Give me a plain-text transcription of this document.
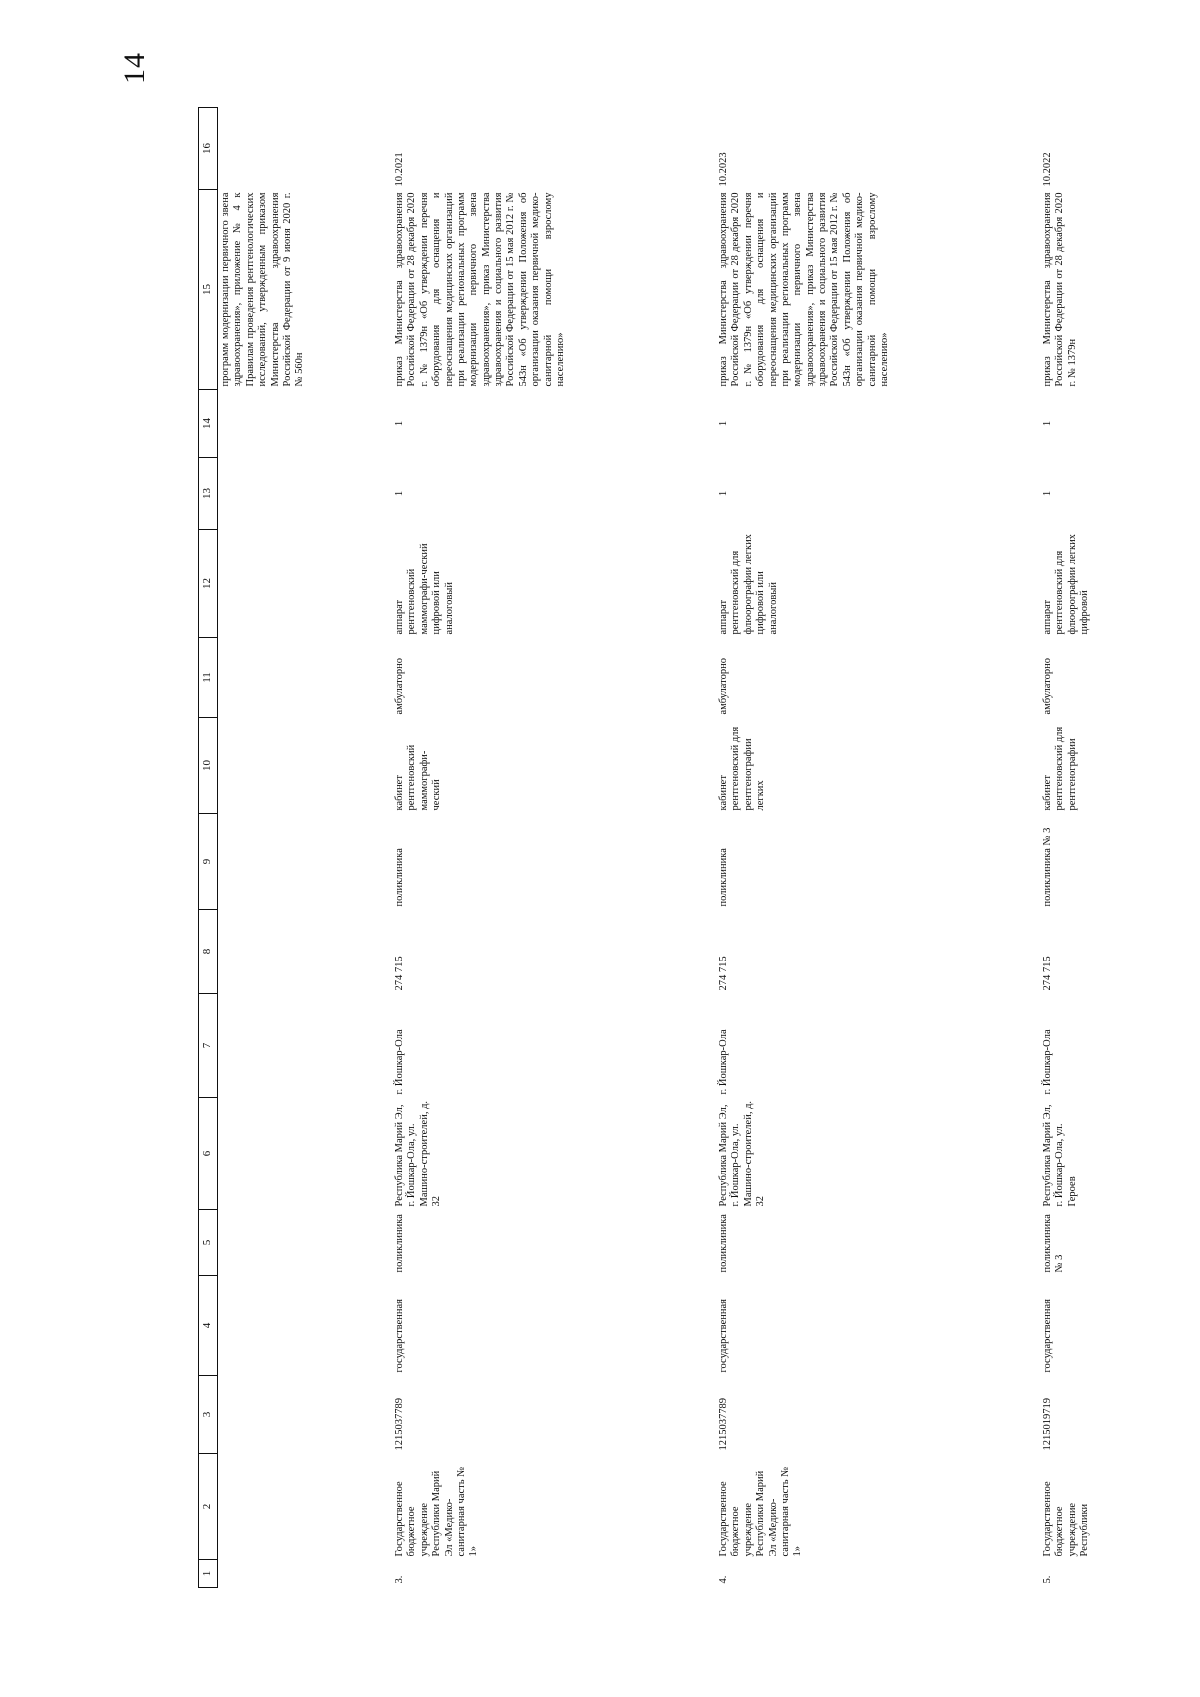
14
1	2	3	4	5	6	7	8	9	10	11	12	13	14	15	16
														программ модернизации первичного звена здравоохранения», приложение № 4 к Правилам проведения рентгенологических исследований, утвержденным приказом Министерства здравоохранения Российской Федерации от 9 июня 2020 г. № 560н	
3.	Государственное бюджетное учреждение Республики Марий Эл «Медико-санитарная часть № 1»	1215037789	государственная	поликлиника	Республика Марий Эл, г. Йошкар-Ола, ул. Машино-строителей, д. 32	г. Йошкар-Ола	274 715	поликлиника	кабинет рентгеновский маммографи-ческий	амбулаторно	аппарат рентгеновский маммографи-ческий цифровой или аналоговый	1	1	приказ Министерства здравоохранения Российской Федерации от 28 декабря 2020 г. № 1379н «Об утверждении перечня оборудования для оснащения и переоснащения медицинских организаций при реализации региональных программ модернизации первичного звена здравоохранения», приказ Министерства здравоохранения и социального развития Российской Федерации от 15 мая 2012 г. № 543н «Об утверждении Положения об организации оказания первичной медико-санитарной помощи взрослому населению»	10.2021
4.	Государственное бюджетное учреждение Республики Марий Эл «Медико-санитарная часть № 1»	1215037789	государственная	поликлиника	Республика Марий Эл, г. Йошкар-Ола, ул. Машино-строителей, д. 32	г. Йошкар-Ола	274 715	поликлиника	кабинет рентгеновский для рентгенографии легких	амбулаторно	аппарат рентгеновский для флюорографии легких цифровой или аналоговый	1	1	приказ Министерства здравоохранения Российской Федерации от 28 декабря 2020 г. № 1379н «Об утверждении перечня оборудования для оснащения и переоснащения медицинских организаций при реализации региональных программ модернизации первичного звена здравоохранения», приказ Министерства здравоохранения и социального развития Российской Федерации от 15 мая 2012 г. № 543н «Об утверждении Положения об организации оказания первичной медико-санитарной помощи взрослому населению»	10.2023
5.	Государственное бюджетное учреждение Республики	1215019719	государственная	поликлиника № 3	Республика Марий Эл, г. Йошкар-Ола, ул. Героев	г. Йошкар-Ола	274 715	поликлиника № 3	кабинет рентгеновский для рентгенографии	амбулаторно	аппарат рентгеновский для флюорографии легких цифровой	1	1	приказ Министерства здравоохранения Российской Федерации от 28 декабря 2020 г. № 1379н	10.2022
